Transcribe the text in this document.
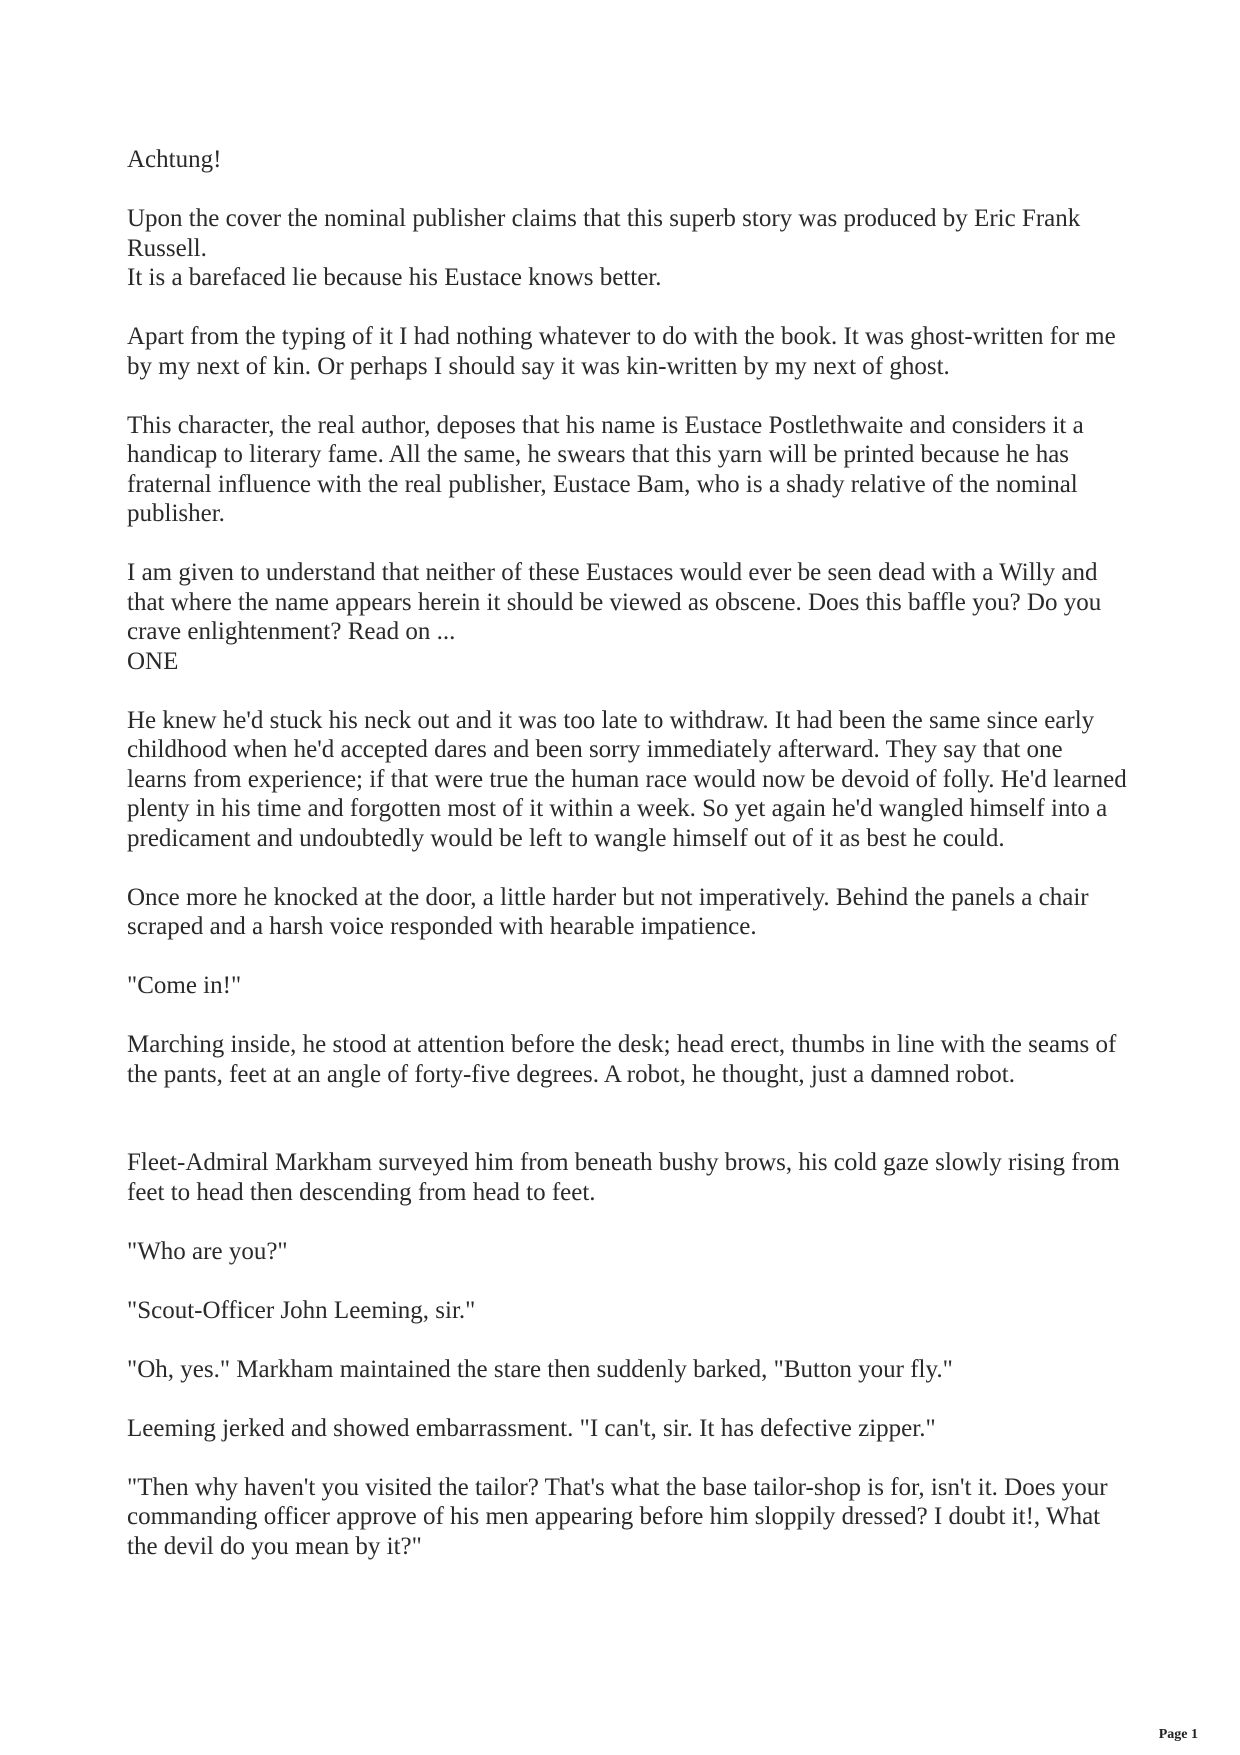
Achtung!

Upon the cover the nominal publisher claims that this superb story was produced by Eric Frank Russell.

It is a barefaced lie because his Eustace knows better.

Apart from the typing of it I had nothing whatever to do with the book. It was ghost-written for me by my next of kin. Or perhaps I should say it was kin-written by my next of ghost.

This character, the real author, deposes that his name is Eustace Postlethwaite and considers it a handicap to literary fame. All the same, he swears that this yarn will be printed because he has fraternal influence with the real publisher, Eustace Bam, who is a shady relative of the nominal publisher.

I am given to understand that neither of these Eustaces would ever be seen dead with a Willy and that where the name appears herein it should be viewed as obscene. Does this baffle you? Do you crave enlightenment? Read on ...

ONE

He knew he'd stuck his neck out and it was too late to withdraw. It had been the same since early childhood when he'd accepted dares and been sorry immediately afterward. They say that one learns from experience; if that were true the human race would now be devoid of folly. He'd learned plenty in his time and forgotten most of it within a week. So yet again he'd wangled himself into a predicament and undoubtedly would be left to wangle himself out of it as best he could.

Once more he knocked at the door, a little harder but not imperatively. Behind the panels a chair scraped and a harsh voice responded with hearable impatience.

"Come in!"

Marching inside, he stood at attention before the desk; head erect, thumbs in line with the seams of the pants, feet at an angle of forty-five degrees. A robot, he thought, just a damned robot.

Fleet-Admiral Markham surveyed him from beneath bushy brows, his cold gaze slowly rising from feet to head then descending from head to feet.

"Who are you?"

"Scout-Officer John Leeming, sir."

"Oh, yes." Markham maintained the stare then suddenly barked, "Button your fly."

Leeming jerked and showed embarrassment. "I can't, sir. It has defective zipper."

"Then why haven't you visited the tailor? That's what the base tailor-shop is for, isn't it. Does your commanding officer approve of his men appearing before him sloppily dressed? I doubt it!, What the devil do you mean by it?"

Page 1
